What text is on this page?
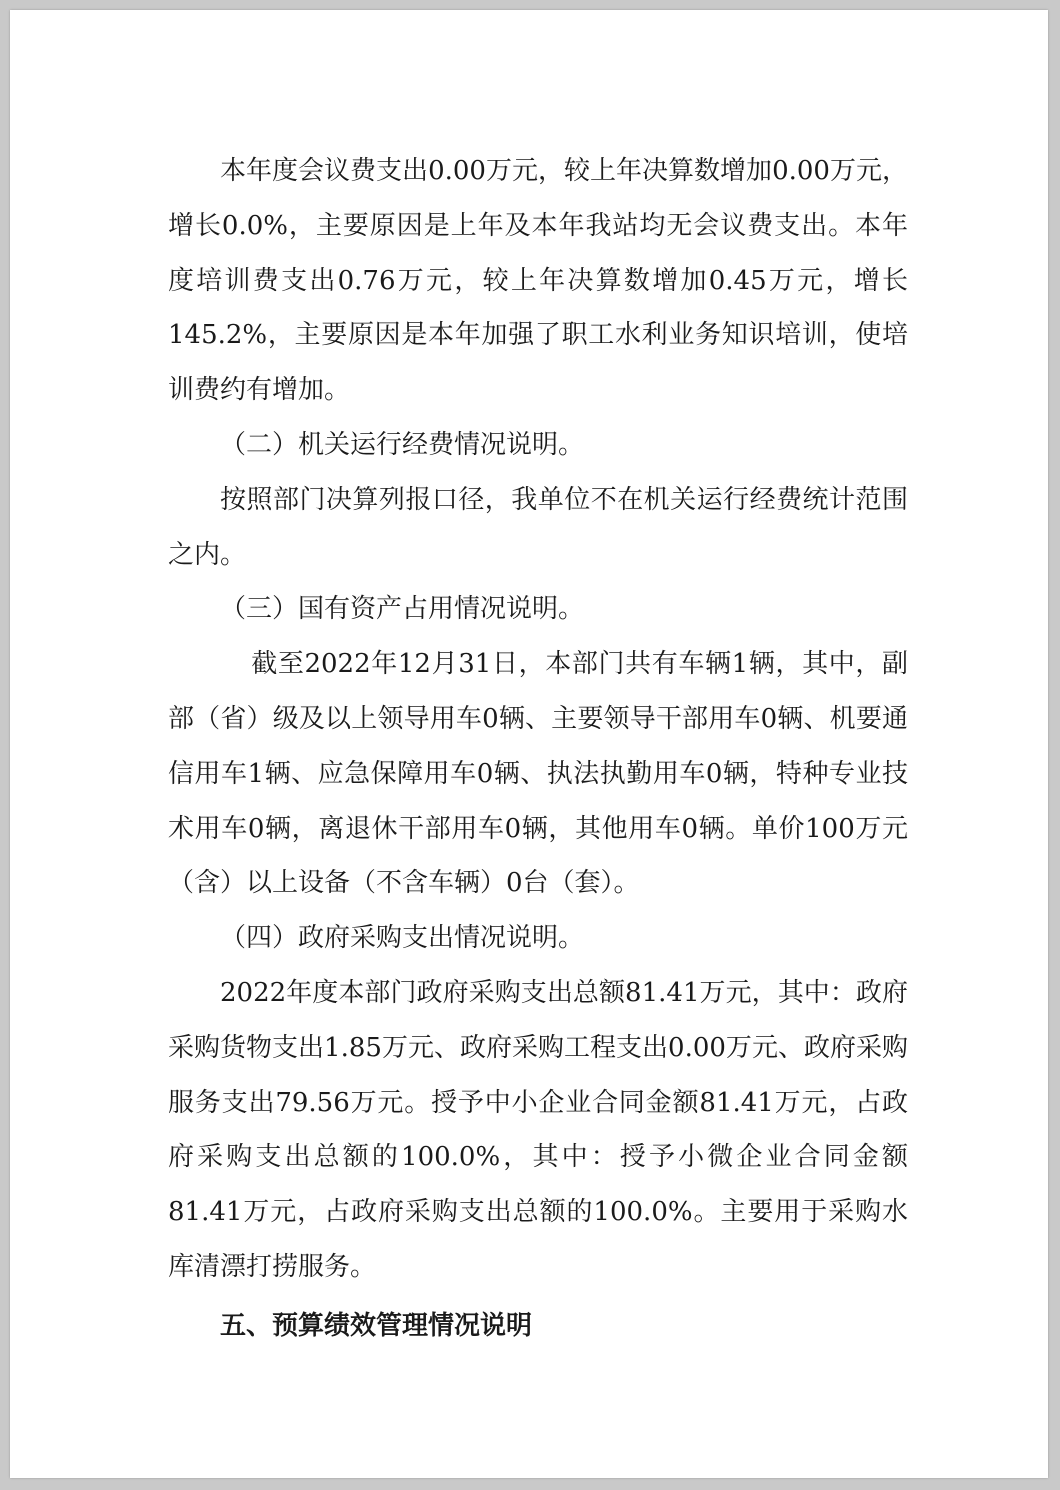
本年度会议费支出0.00万元，较上年决算数增加0.00万元，增长0.0%，主要原因是上年及本年我站均无会议费支出。本年度培训费支出0.76万元，较上年决算数增加0.45万元，增长145.2%，主要原因是本年加强了职工水利业务知识培训，使培训费约有增加。

（二）机关运行经费情况说明。

按照部门决算列报口径，我单位不在机关运行经费统计范围之内。

（三）国有资产占用情况说明。

截至2022年12月31日，本部门共有车辆1辆，其中，副部（省）级及以上领导用车0辆、主要领导干部用车0辆、机要通信用车1辆、应急保障用车0辆、执法执勤用车0辆，特种专业技术用车0辆，离退休干部用车0辆，其他用车0辆。单价100万元（含）以上设备（不含车辆）0台（套）。

（四）政府采购支出情况说明。

2022年度本部门政府采购支出总额81.41万元，其中：政府采购货物支出1.85万元、政府采购工程支出0.00万元、政府采购服务支出79.56万元。授予中小企业合同金额81.41万元，占政府采购支出总额的100.0%，其中：授予小微企业合同金额81.41万元，占政府采购支出总额的100.0%。主要用于采购水库清漂打捞服务。

五、预算绩效管理情况说明
